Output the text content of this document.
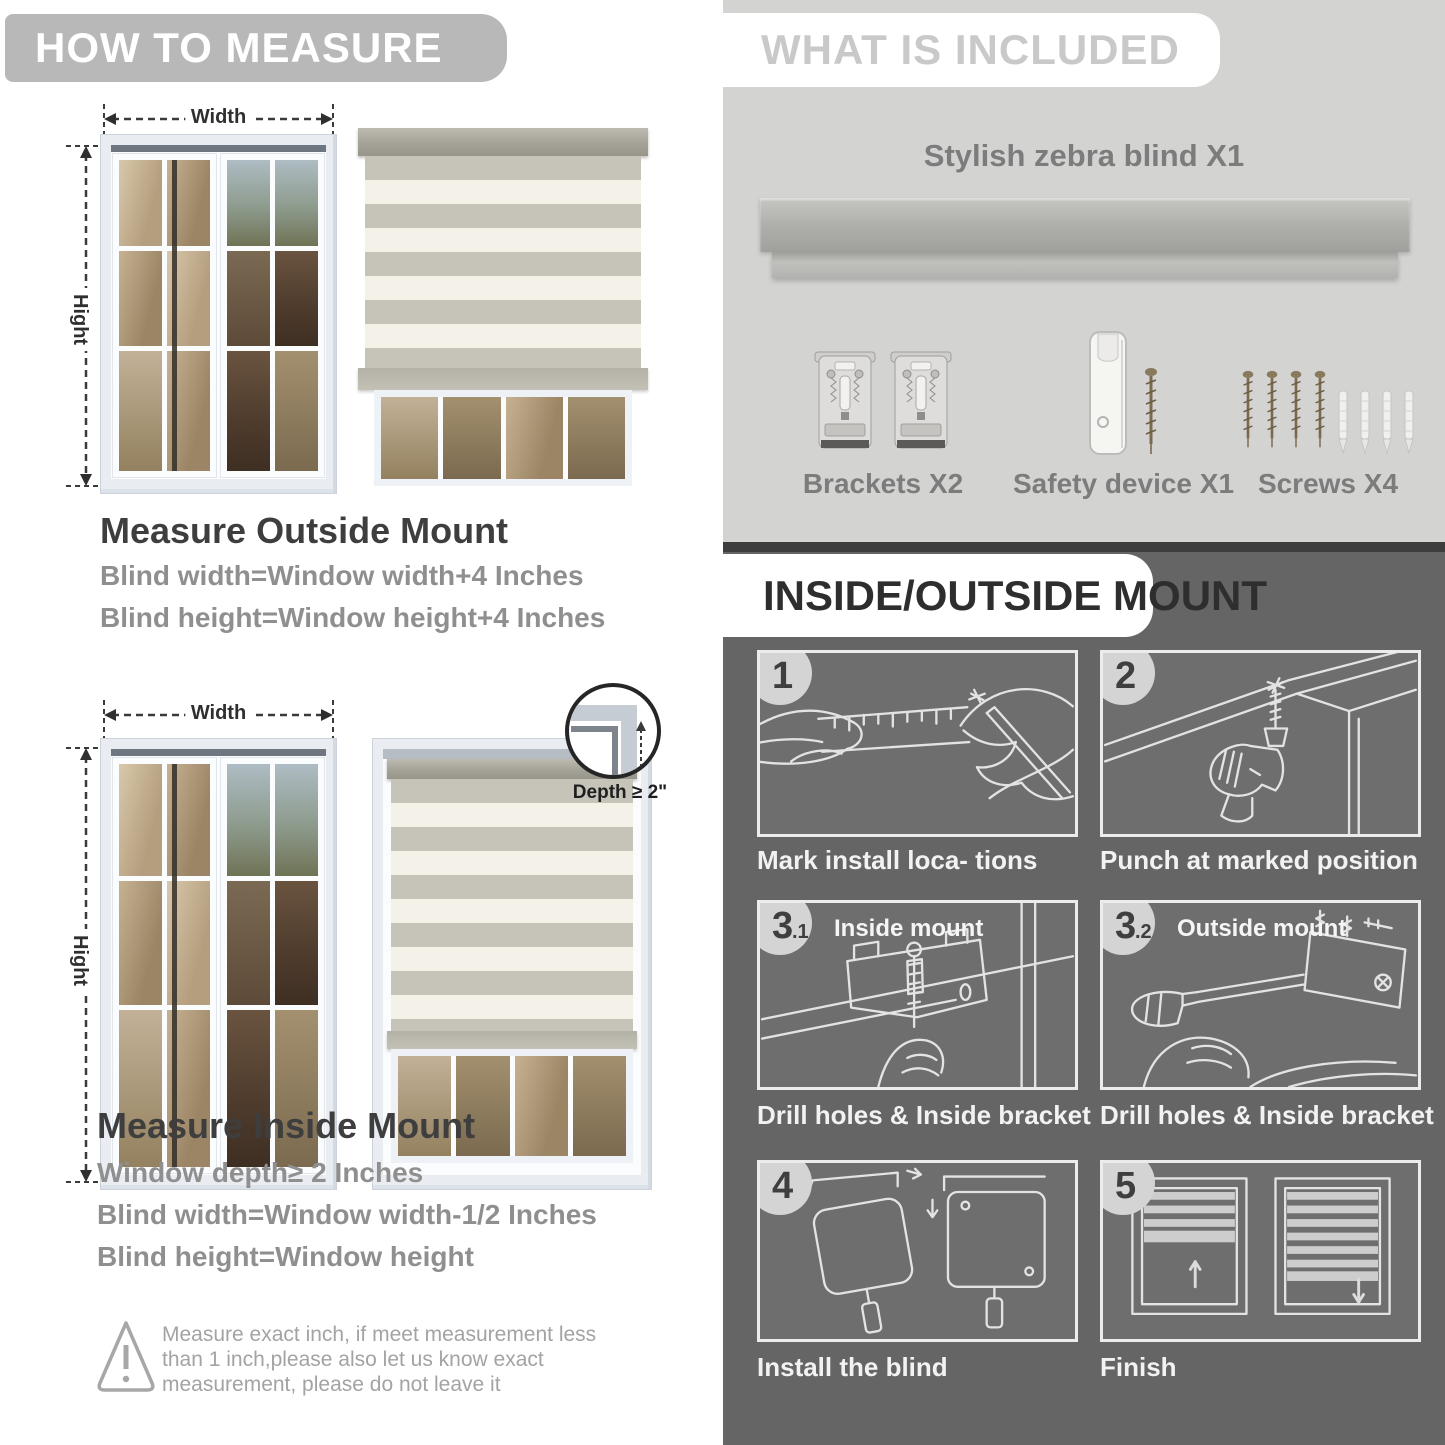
HOW TO MEASURE
Width
Hight
Measure Outside Mount
Blind width=Window width+4 Inches
Blind height=Window height+4 Inches
Width
Hight
Depth ≥ 2"
Measure Inside Mount
Window depth≥ 2 Inches
Blind width=Window width-1/2 Inches
Blind height=Window height
Measure exact inch, if meet measurement less
than 1 inch,please also let us know exact
measurement, please do not leave it
WHAT IS INCLUDED
Stylish zebra blind X1
Brackets X2	Safety device X1 Screws X4
INSIDE/OUTSIDE MOUNT
1
Mark install loca- tions
2
Punch at marked position
3
.1 Inside mount
Drill holes & Inside bracket
3
.2 Outside mount
Drill holes & Inside bracket
4
Install the blind
5
Finish
